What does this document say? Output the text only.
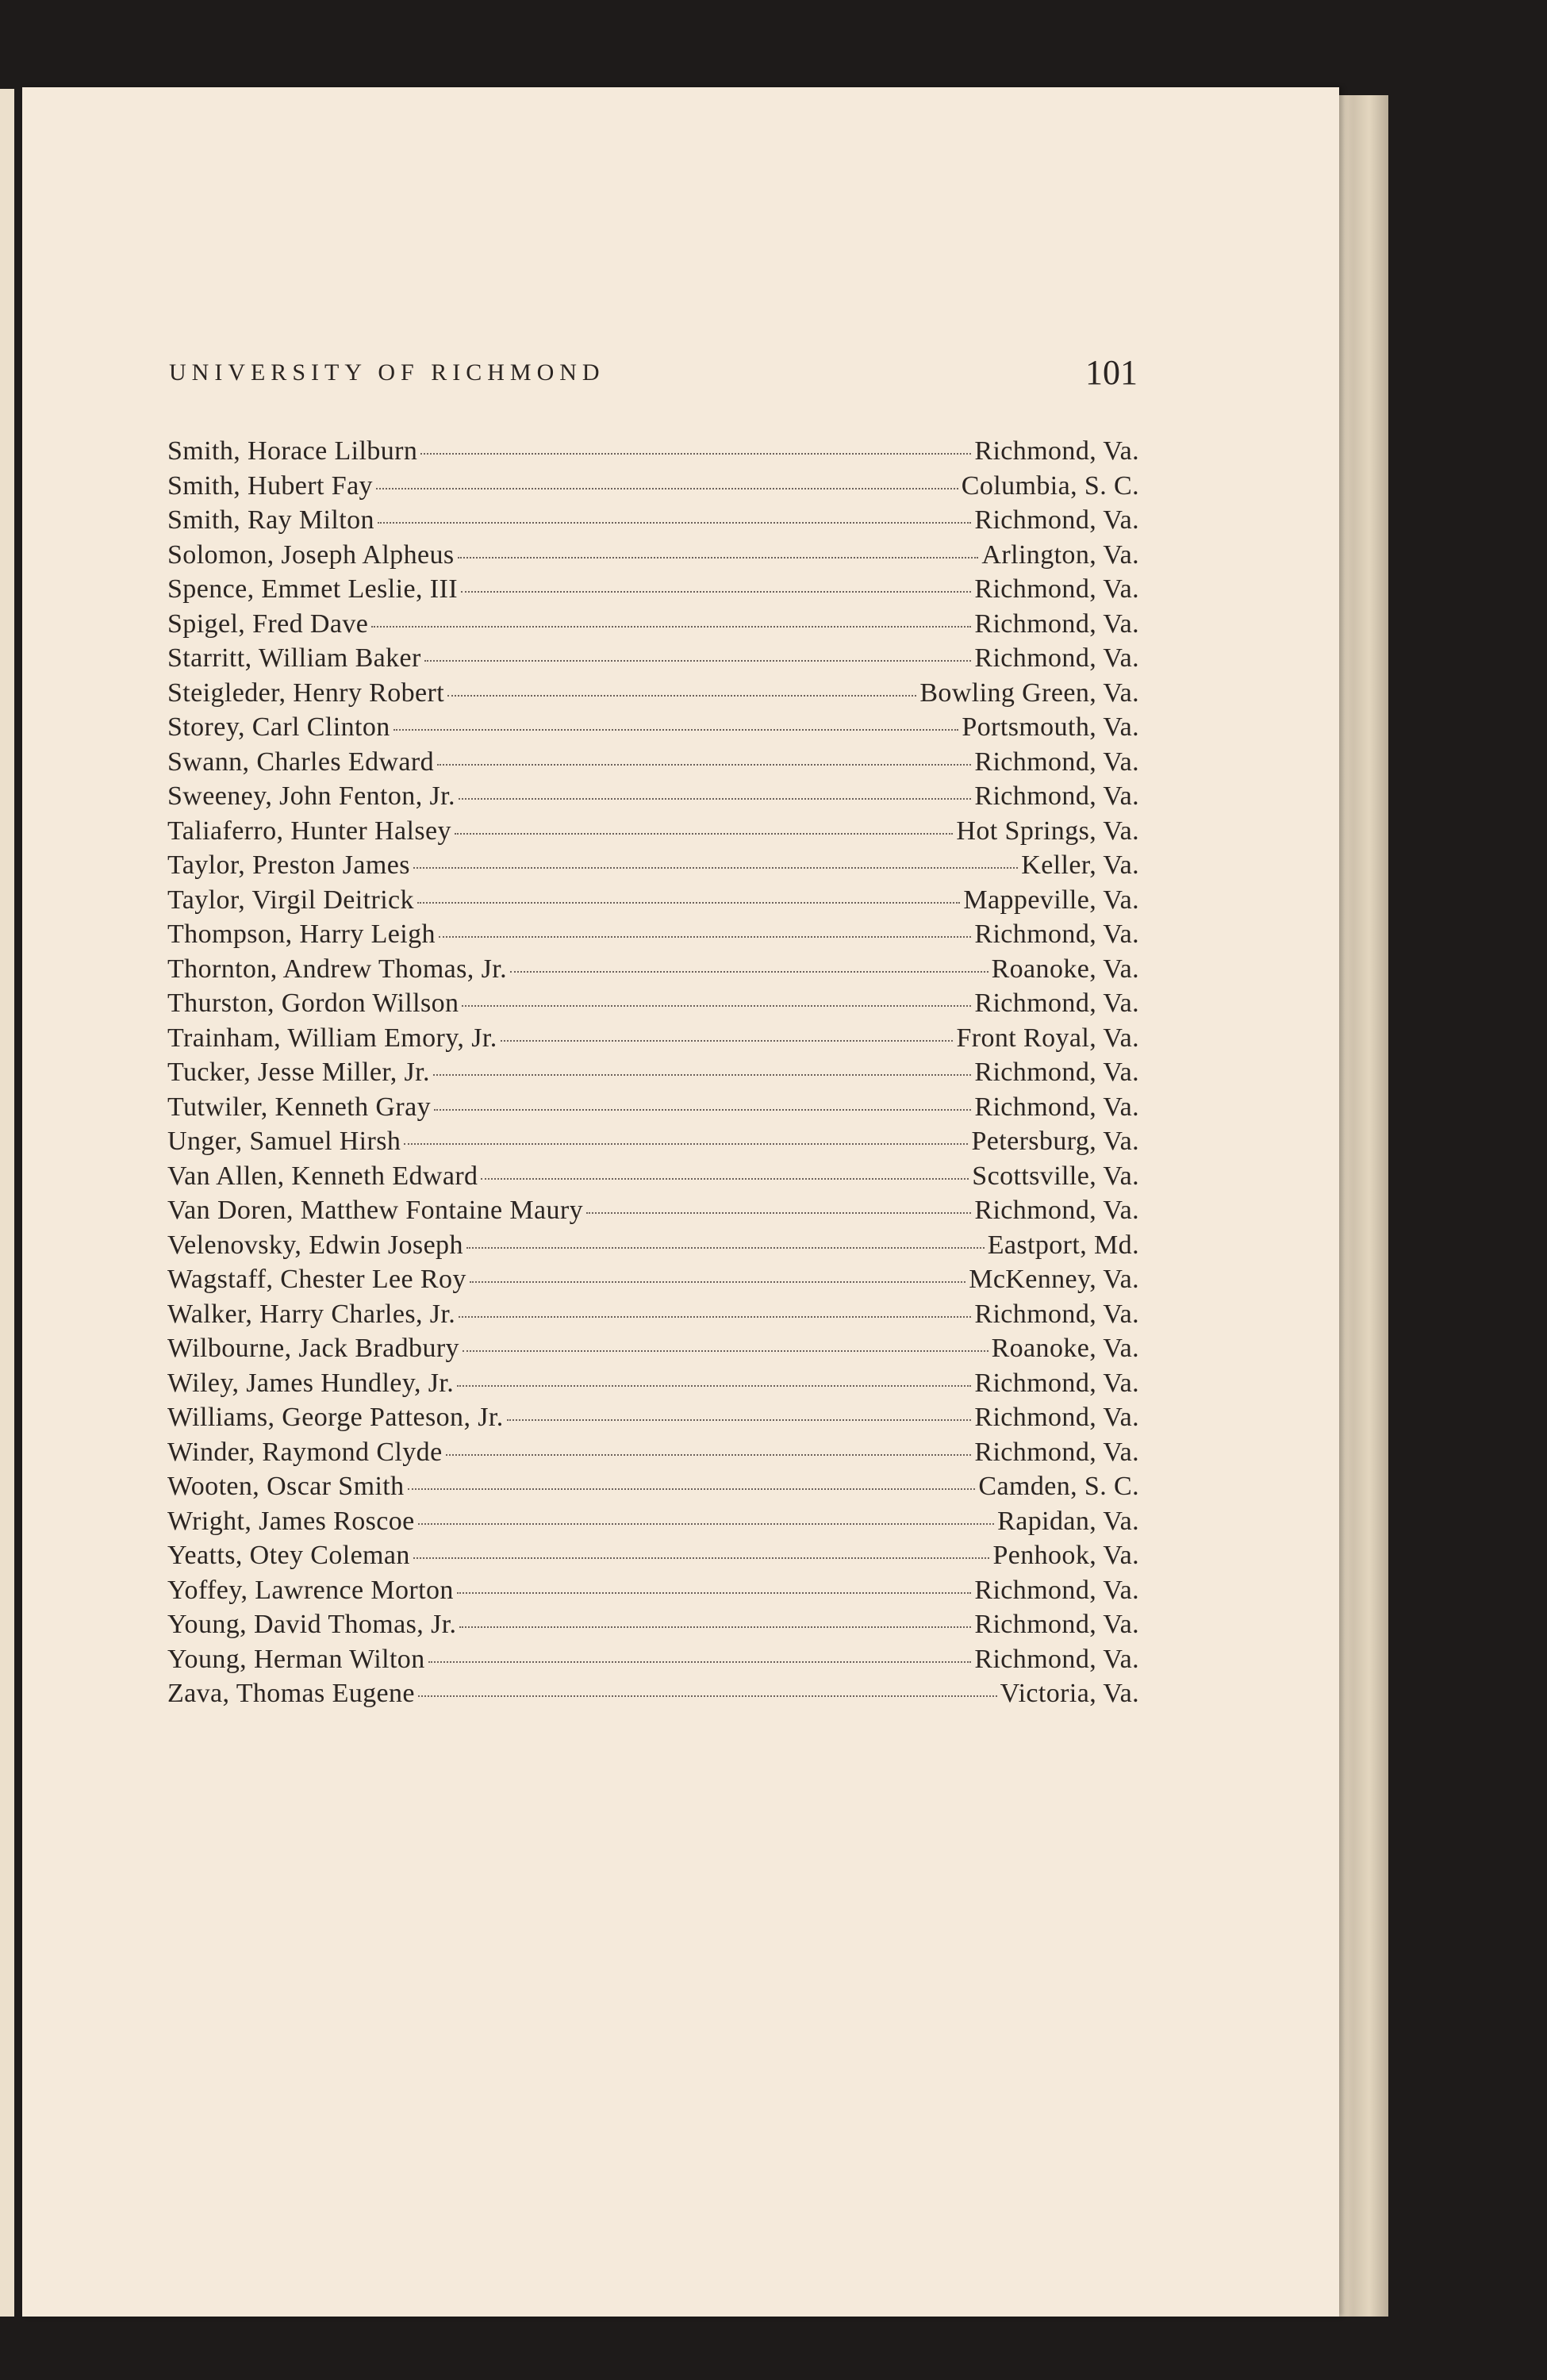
UNIVERSITY OF RICHMOND	101
Smith, Horace Lilburn	Richmond, Va.
Smith, Hubert Fay	Columbia, S. C.
Smith, Ray Milton	Richmond, Va.
Solomon, Joseph Alpheus	Arlington, Va.
Spence, Emmet Leslie, III	Richmond, Va.
Spigel, Fred Dave	Richmond, Va.
Starritt, William Baker	Richmond, Va.
Steigleder, Henry Robert	Bowling Green, Va.
Storey, Carl Clinton	Portsmouth, Va.
Swann, Charles Edward	Richmond, Va.
Sweeney, John Fenton, Jr.	Richmond, Va.
Taliaferro, Hunter Halsey	Hot Springs, Va.
Taylor, Preston James	Keller, Va.
Taylor, Virgil Deitrick	Mappeville, Va.
Thompson, Harry Leigh	Richmond, Va.
Thornton, Andrew Thomas, Jr.	Roanoke, Va.
Thurston, Gordon Willson	Richmond, Va.
Trainham, William Emory, Jr.	Front Royal, Va.
Tucker, Jesse Miller, Jr.	Richmond, Va.
Tutwiler, Kenneth Gray	Richmond, Va.
Unger, Samuel Hirsh	Petersburg, Va.
Van Allen, Kenneth Edward	Scottsville, Va.
Van Doren, Matthew Fontaine Maury	Richmond, Va.
Velenovsky, Edwin Joseph	Eastport, Md.
Wagstaff, Chester Lee Roy	McKenney, Va.
Walker, Harry Charles, Jr.	Richmond, Va.
Wilbourne, Jack Bradbury	Roanoke, Va.
Wiley, James Hundley, Jr.	Richmond, Va.
Williams, George Patteson, Jr.	Richmond, Va.
Winder, Raymond Clyde	Richmond, Va.
Wooten, Oscar Smith	Camden, S. C.
Wright, James Roscoe	Rapidan, Va.
Yeatts, Otey Coleman	Penhook, Va.
Yoffey, Lawrence Morton	Richmond, Va.
Young, David Thomas, Jr.	Richmond, Va.
Young, Herman Wilton	Richmond, Va.
Zava, Thomas Eugene	Victoria, Va.
